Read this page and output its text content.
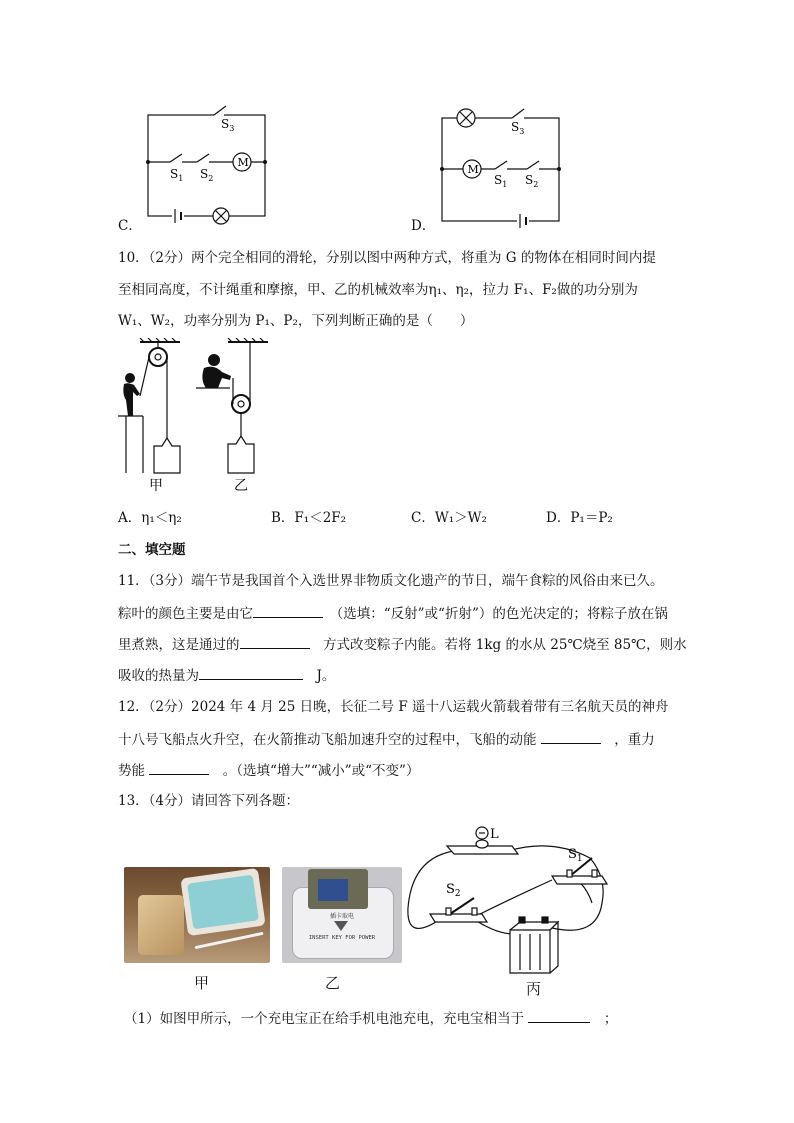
M
$S_3$
$S_1$ $S_2$
M
$S_3$
$S_1$ $S_2$
C．	D．
10．（2分）两个完全相同的滑轮，分别以图中两种方式，将重为 G 的物体在相同时间内提
至相同高度，不计绳重和摩擦，甲、乙的机械效率为η₁、η₂，拉力 F₁、F₂做的功分别为
W₁、W₂，功率分别为 P₁、P₂，下列判断正确的是（　　）
甲	乙
A．η₁＜η₂	B．F₁＜2F₂	C．W₁＞W₂	D．P₁＝P₂
二、填空题
11．（3分）端午节是我国首个入选世界非物质文化遗产的节日，端午食粽的风俗由来已久。
粽叶的颜色主要是由它　	（选填：“反射”或“折射”）的色光决定的；将粽子放在锅
里煮熟，这是通过的　	方式改变粽子内能。若将 1kg 的水从 25℃烧至 85℃，则水
吸收的热量为　	J。
12．（2分）2024 年 4 月 25 日晚，长征二号 F 遥十八运载火箭载着带有三名航天员的神舟
十八号飞船点火升空，在火箭推动飞船加速升空的过程中，飞船的动能 　	，重力
势能 　	。（选填“增大”“减小”或“不变”）
13．（4分）请回答下列各题：
甲
插卡取电
INSERT KEY FOR POWER
乙
L
$S_1$
$S_2$
丙
（1）如图甲所示，一个充电宝正在给手机电池充电，充电宝相当于 　	；
